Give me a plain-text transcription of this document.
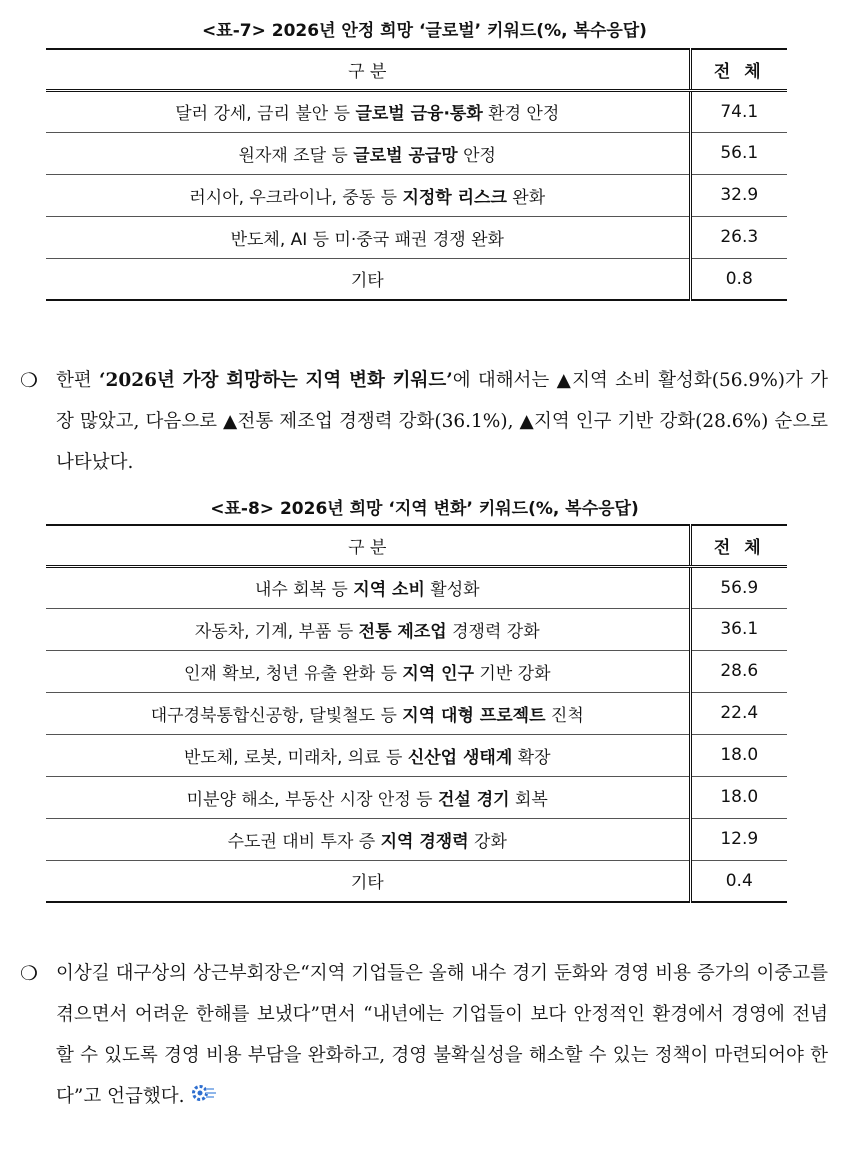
<표-7> 2026년 안정 희망 ‘글로벌’ 키워드(%, 복수응답)
구 분	전 체
달러 강세, 금리 불안 등 글로벌 금융·통화 환경 안정	74.1
원자재 조달 등 글로벌 공급망 안정	56.1
러시아, 우크라이나, 중동 등 지정학 리스크 완화	32.9
반도체, AI 등 미·중국 패권 경쟁 완화	26.3
기타	0.8
❍ 한편 ‘2026년 가장 희망하는 지역 변화 키워드’에 대해서는 ▲지역 소비 활성화(56.9%)가 가장 많았고, 다음으로 ▲전통 제조업 경쟁력 강화(36.1%), ▲지역 인구 기반 강화(28.6%) 순으로 나타났다.
<표-8> 2026년 희망 ‘지역 변화’ 키워드(%, 복수응답)
구 분	전 체
내수 회복 등 지역 소비 활성화	56.9
자동차, 기계, 부품 등 전통 제조업 경쟁력 강화	36.1
인재 확보, 청년 유출 완화 등 지역 인구 기반 강화	28.6
대구경북통합신공항, 달빛철도 등 지역 대형 프로젝트 진척	22.4
반도체, 로봇, 미래차, 의료 등 신산업 생태계 확장	18.0
미분양 해소, 부동산 시장 안정 등 건설 경기 회복	18.0
수도권 대비 투자 증 지역 경쟁력 강화	12.9
기타	0.4
❍ 이상길 대구상의 상근부회장은“지역 기업들은 올해 내수 경기 둔화와 경영 비용 증가의 이중고를 겪으면서 어려운 한해를 보냈다”면서 “내년에는 기업들이 보다 안정적인 환경에서 경영에 전념 할 수 있도록 경영 비용 부담을 완화하고, 경영 불확실성을 해소할 수 있는 정책이 마련되어야 한다”고 언급했다.
